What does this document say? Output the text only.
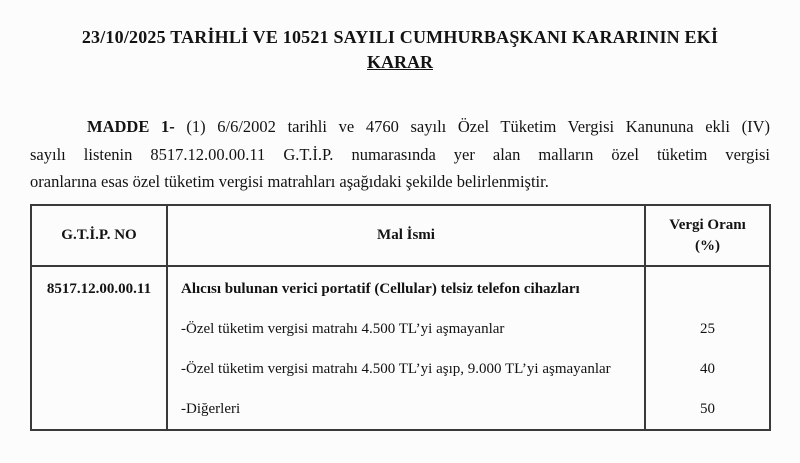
23/10/2025 TARİHLİ VE 10521 SAYILI CUMHURBAŞKANI KARARININ EKİ
KARAR
MADDE 1- (1) 6/6/2002 tarihli ve 4760 sayılı Özel Tüketim Vergisi Kanununa ekli (IV)
sayılı listenin 8517.12.00.00.11 G.T.İ.P. numarasında yer alan malların özel tüketim vergisi
oranlarına esas özel tüketim vergisi matrahları aşağıdaki şekilde belirlenmiştir.
G.T.İ.P. NO	Mal İsmi
Vergi Oranı
(%)
8517.12.00.00.11	Alıcısı bulunan verici portatif (Cellular) telsiz telefon cihazları
-Özel tüketim vergisi matrahı 4.500 TL’yi aşmayanlar
-Özel tüketim vergisi matrahı 4.500 TL’yi aşıp, 9.000 TL’yi aşmayanlar
-Diğerleri
25
40
50
